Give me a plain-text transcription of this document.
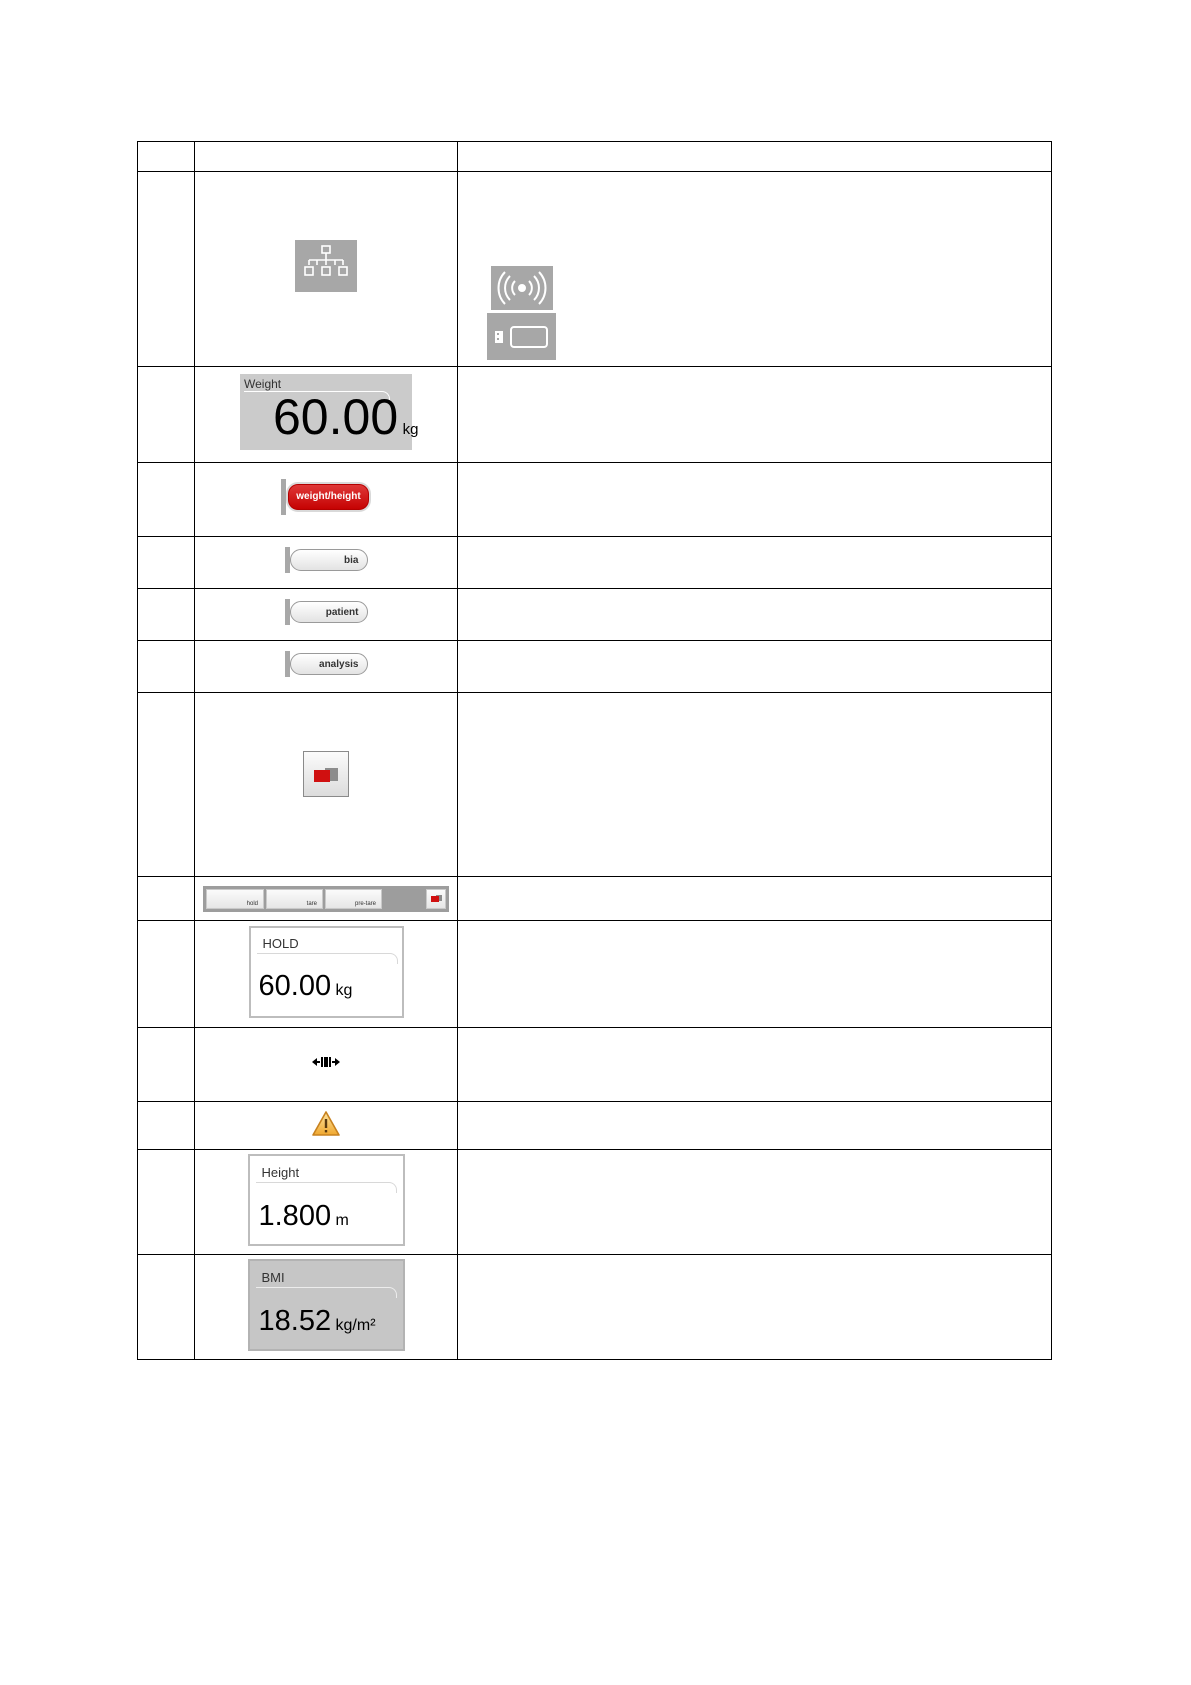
	Weight
60.00 kg	

	weight/height	

	bia	

	patient	

	analysis	

	hold tare pre-tare	

	HOLD
60.00 kg	

	Height
1.800 m	

	BMI
18.52 kg/m²	
